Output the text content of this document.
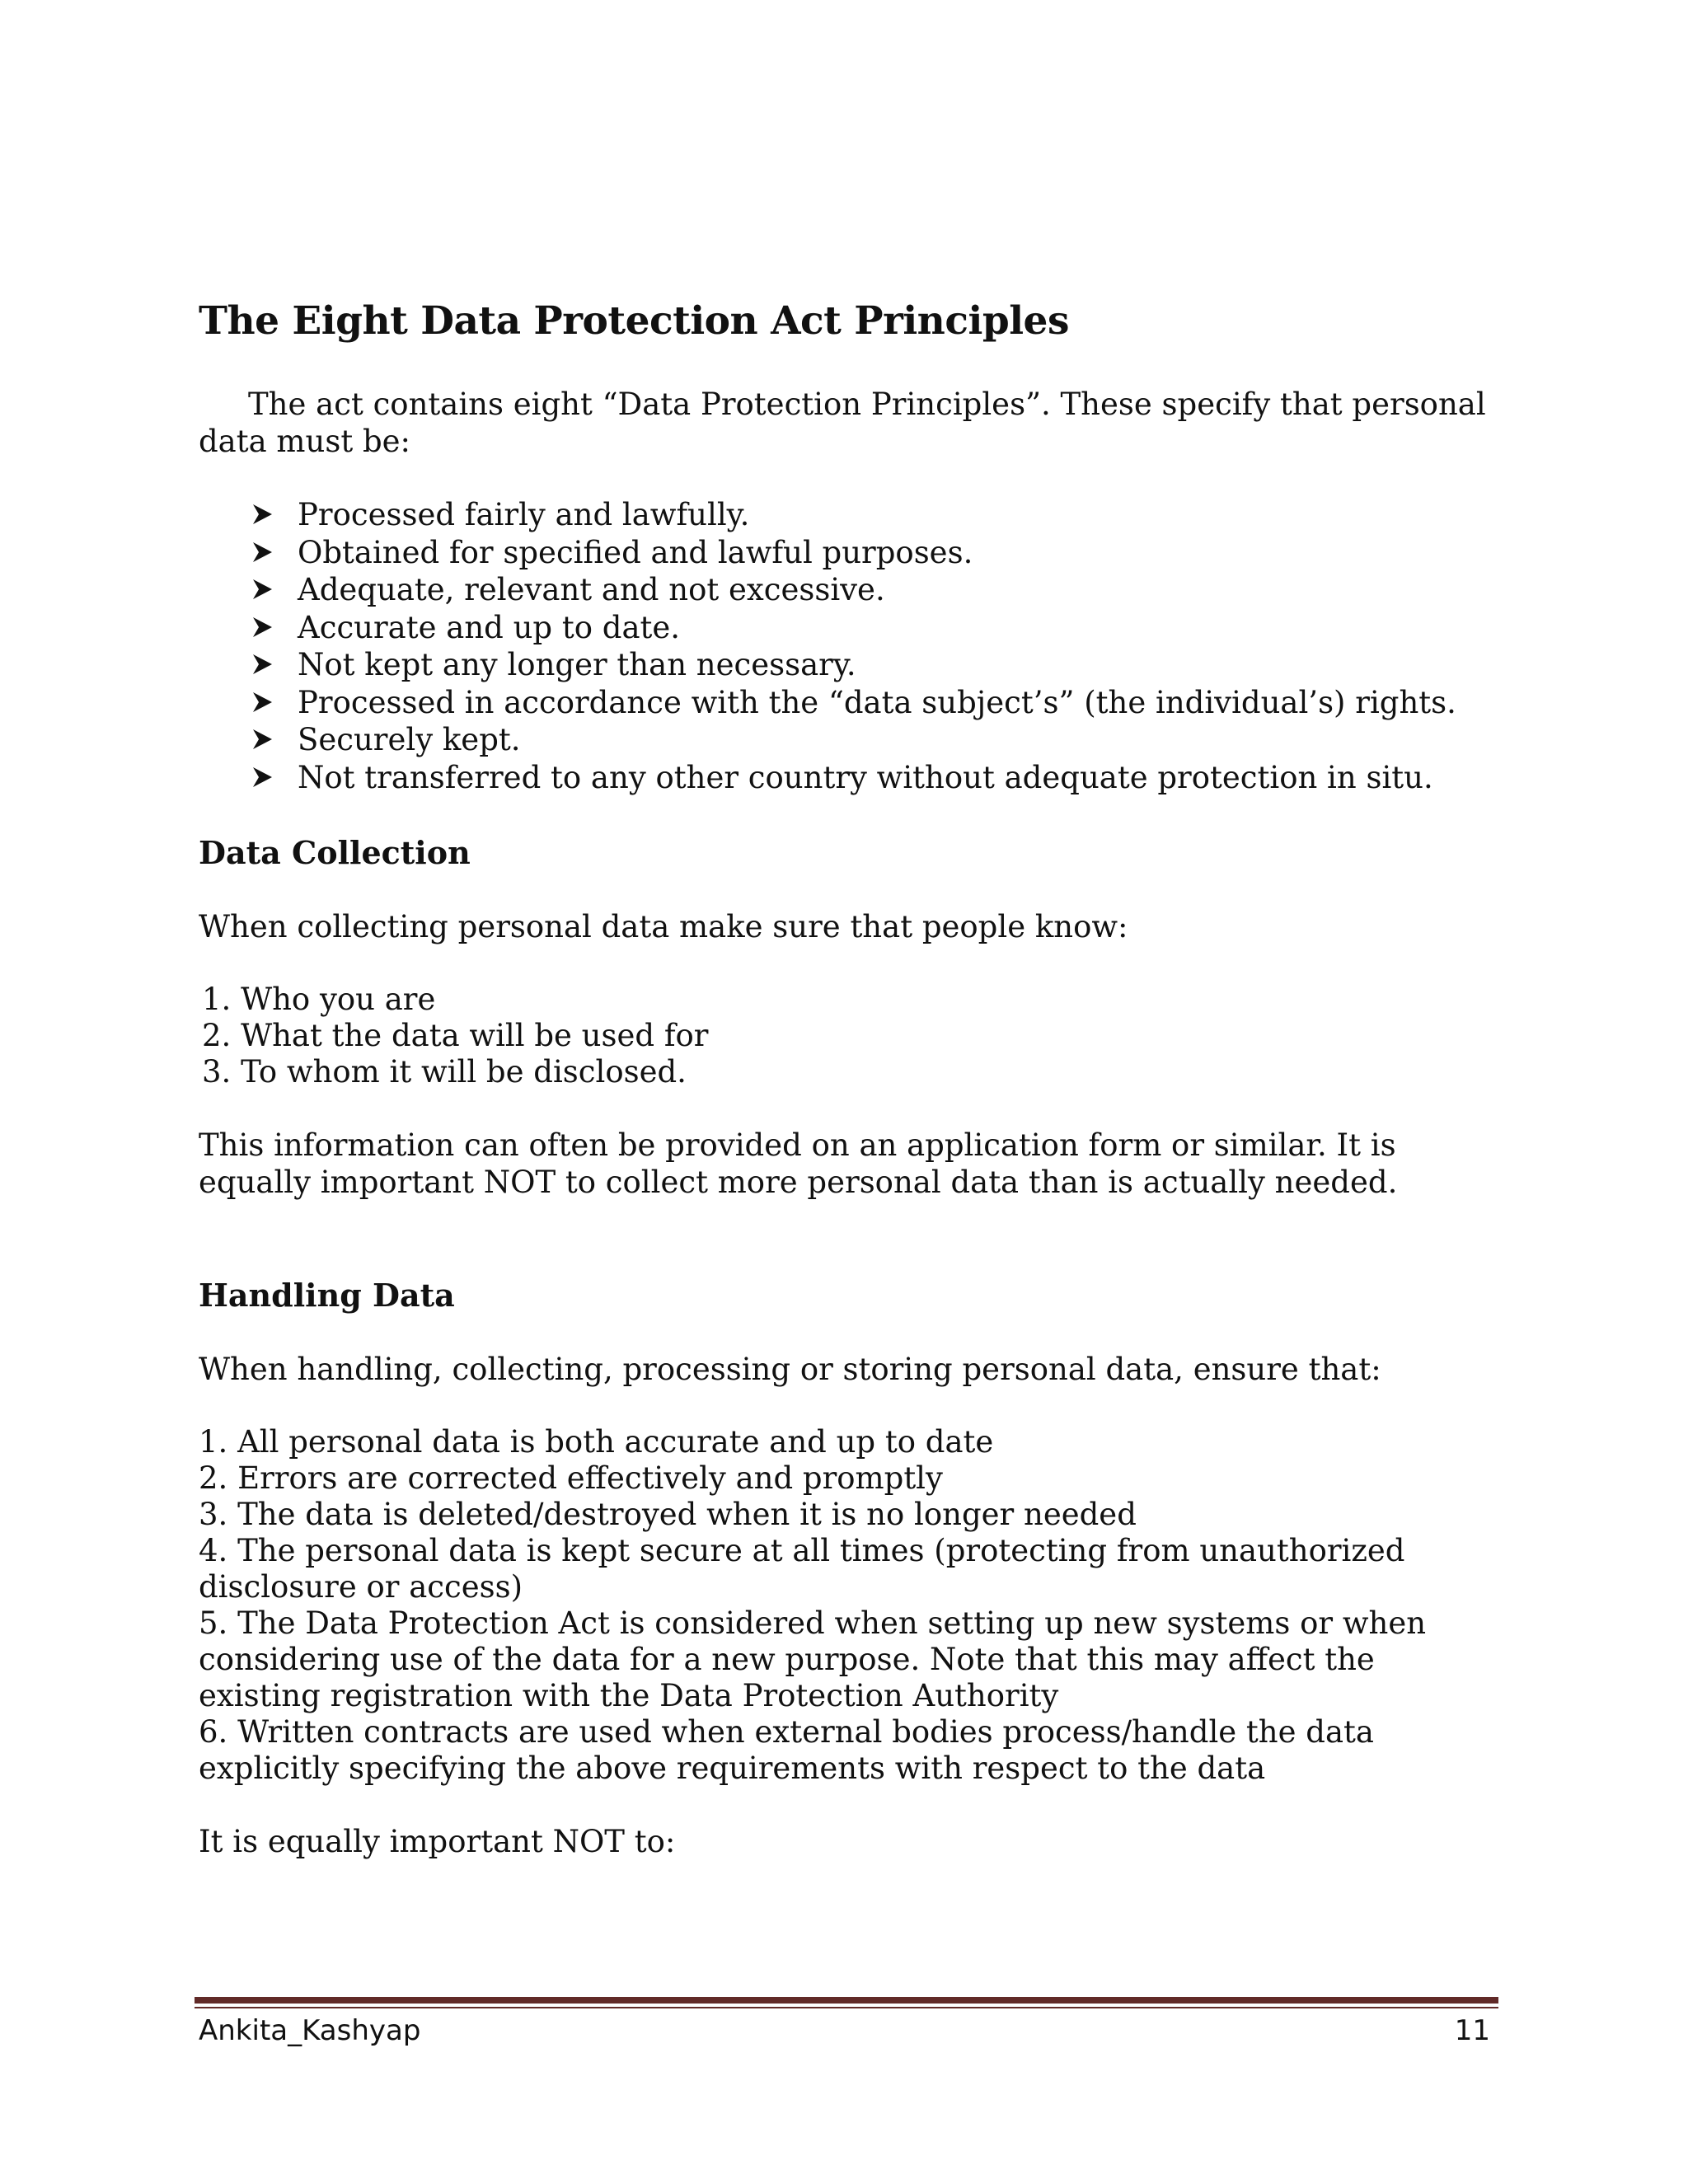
The Eight Data Protection Act Principles

The act contains eight “Data Protection Principles”. These specify that personal data must be:

Processed fairly and lawfully.
Obtained for specified and lawful purposes.
Adequate, relevant and not excessive.
Accurate and up to date.
Not kept any longer than necessary.
Processed in accordance with the “data subject’s” (the individual’s) rights.
Securely kept.
Not transferred to any other country without adequate protection in situ.
Data Collection

When collecting personal data make sure that people know:

1. Who you are

2. What the data will be used for

3. To whom it will be disclosed.

This information can often be provided on an application form or similar. It is equally important NOT to collect more personal data than is actually needed.

Handling Data

When handling, collecting, processing or storing personal data, ensure that:

1. All personal data is both accurate and up to date

2. Errors are corrected effectively and promptly

3. The data is deleted/destroyed when it is no longer needed

4. The personal data is kept secure at all times (protecting from unauthorized disclosure or access)

5. The Data Protection Act is considered when setting up new systems or when considering use of the data for a new purpose. Note that this may affect the existing registration with the Data Protection Authority

6. Written contracts are used when external bodies process/handle the data explicitly specifying the above requirements with respect to the data

It is equally important NOT to:

Ankita_Kashyap	11
